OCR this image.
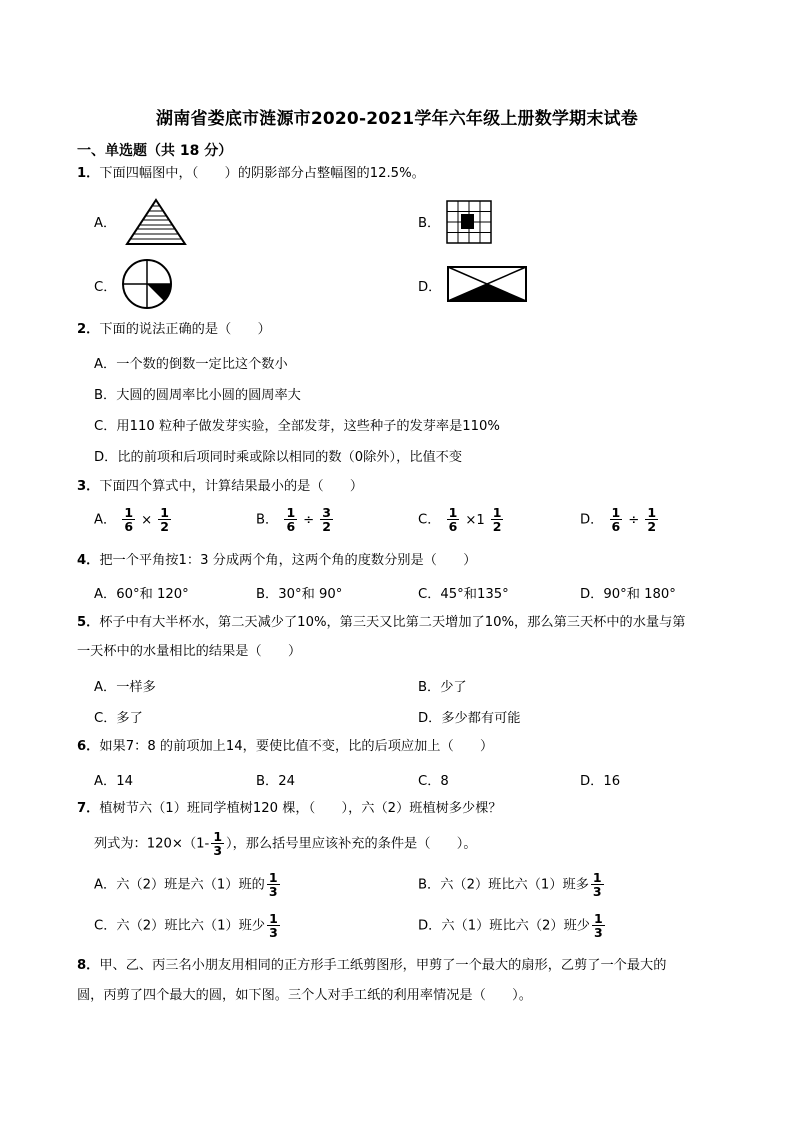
湖南省娄底市涟源市2020-2021学年六年级上册数学期末试卷
一、单选题（共 18 分）
1．下面四幅图中，（　　）的阴影部分占整幅图的12.5%。
A．	B．
C．	D．
2．下面的说法正确的是（　　）
A．一个数的倒数一定比这个数小
B．大圆的圆周率比小圆的圆周率大
C．用110 粒种子做发芽实验，全部发芽，这些种子的发芽率是110%
D．比的前项和后项同时乘或除以相同的数（0除外），比值不变
3．下面四个算式中，计算结果最小的是（　　）
A． $\frac{1}{6} \times \frac{1}{2}$	B． $\frac{1}{6} \div \frac{3}{2}$	C． $\frac{1}{6} \times 1 \frac{1}{2}$	D． $\frac{1}{6} \div \frac{1}{2}$
4．把一个平角按1：3 分成两个角，这两个角的度数分别是（　　）
A．60°和 120°	B．30°和 90°	C．45°和135°	D．90°和 180°
5．杯子中有大半杯水，第二天减少了10%，第三天又比第二天增加了10%，那么第三天杯中的水量与第
一天杯中的水量相比的结果是（　　）
A．一样多	B．少了
C．多了	D．多少都有可能
6．如果7：8 的前项加上14，要使比值不变，比的后项应加上（　　）
A．14	B．24	C．8	D．16
7．植树节六（1）班同学植树120 棵，（　　），六（2）班植树多少棵？
列式为：$120\times(1- \frac{1}{3}$ ），那么括号里应该补充的条件是（　　）。
A．六（2）班是六（1）班的 $\frac{1}{3}$	B．六（2）班比六（1）班多 $\frac{1}{3}$
C．六（2）班比六（1）班少 $\frac{1}{3}$	D．六（1）班比六（2）班少 $\frac{1}{3}$
8．甲、乙、丙三名小朋友用相同的正方形手工纸剪图形，甲剪了一个最大的扇形，乙剪了一个最大的
圆，丙剪了四个最大的圆，如下图。三个人对手工纸的利用率情况是（　　）。
